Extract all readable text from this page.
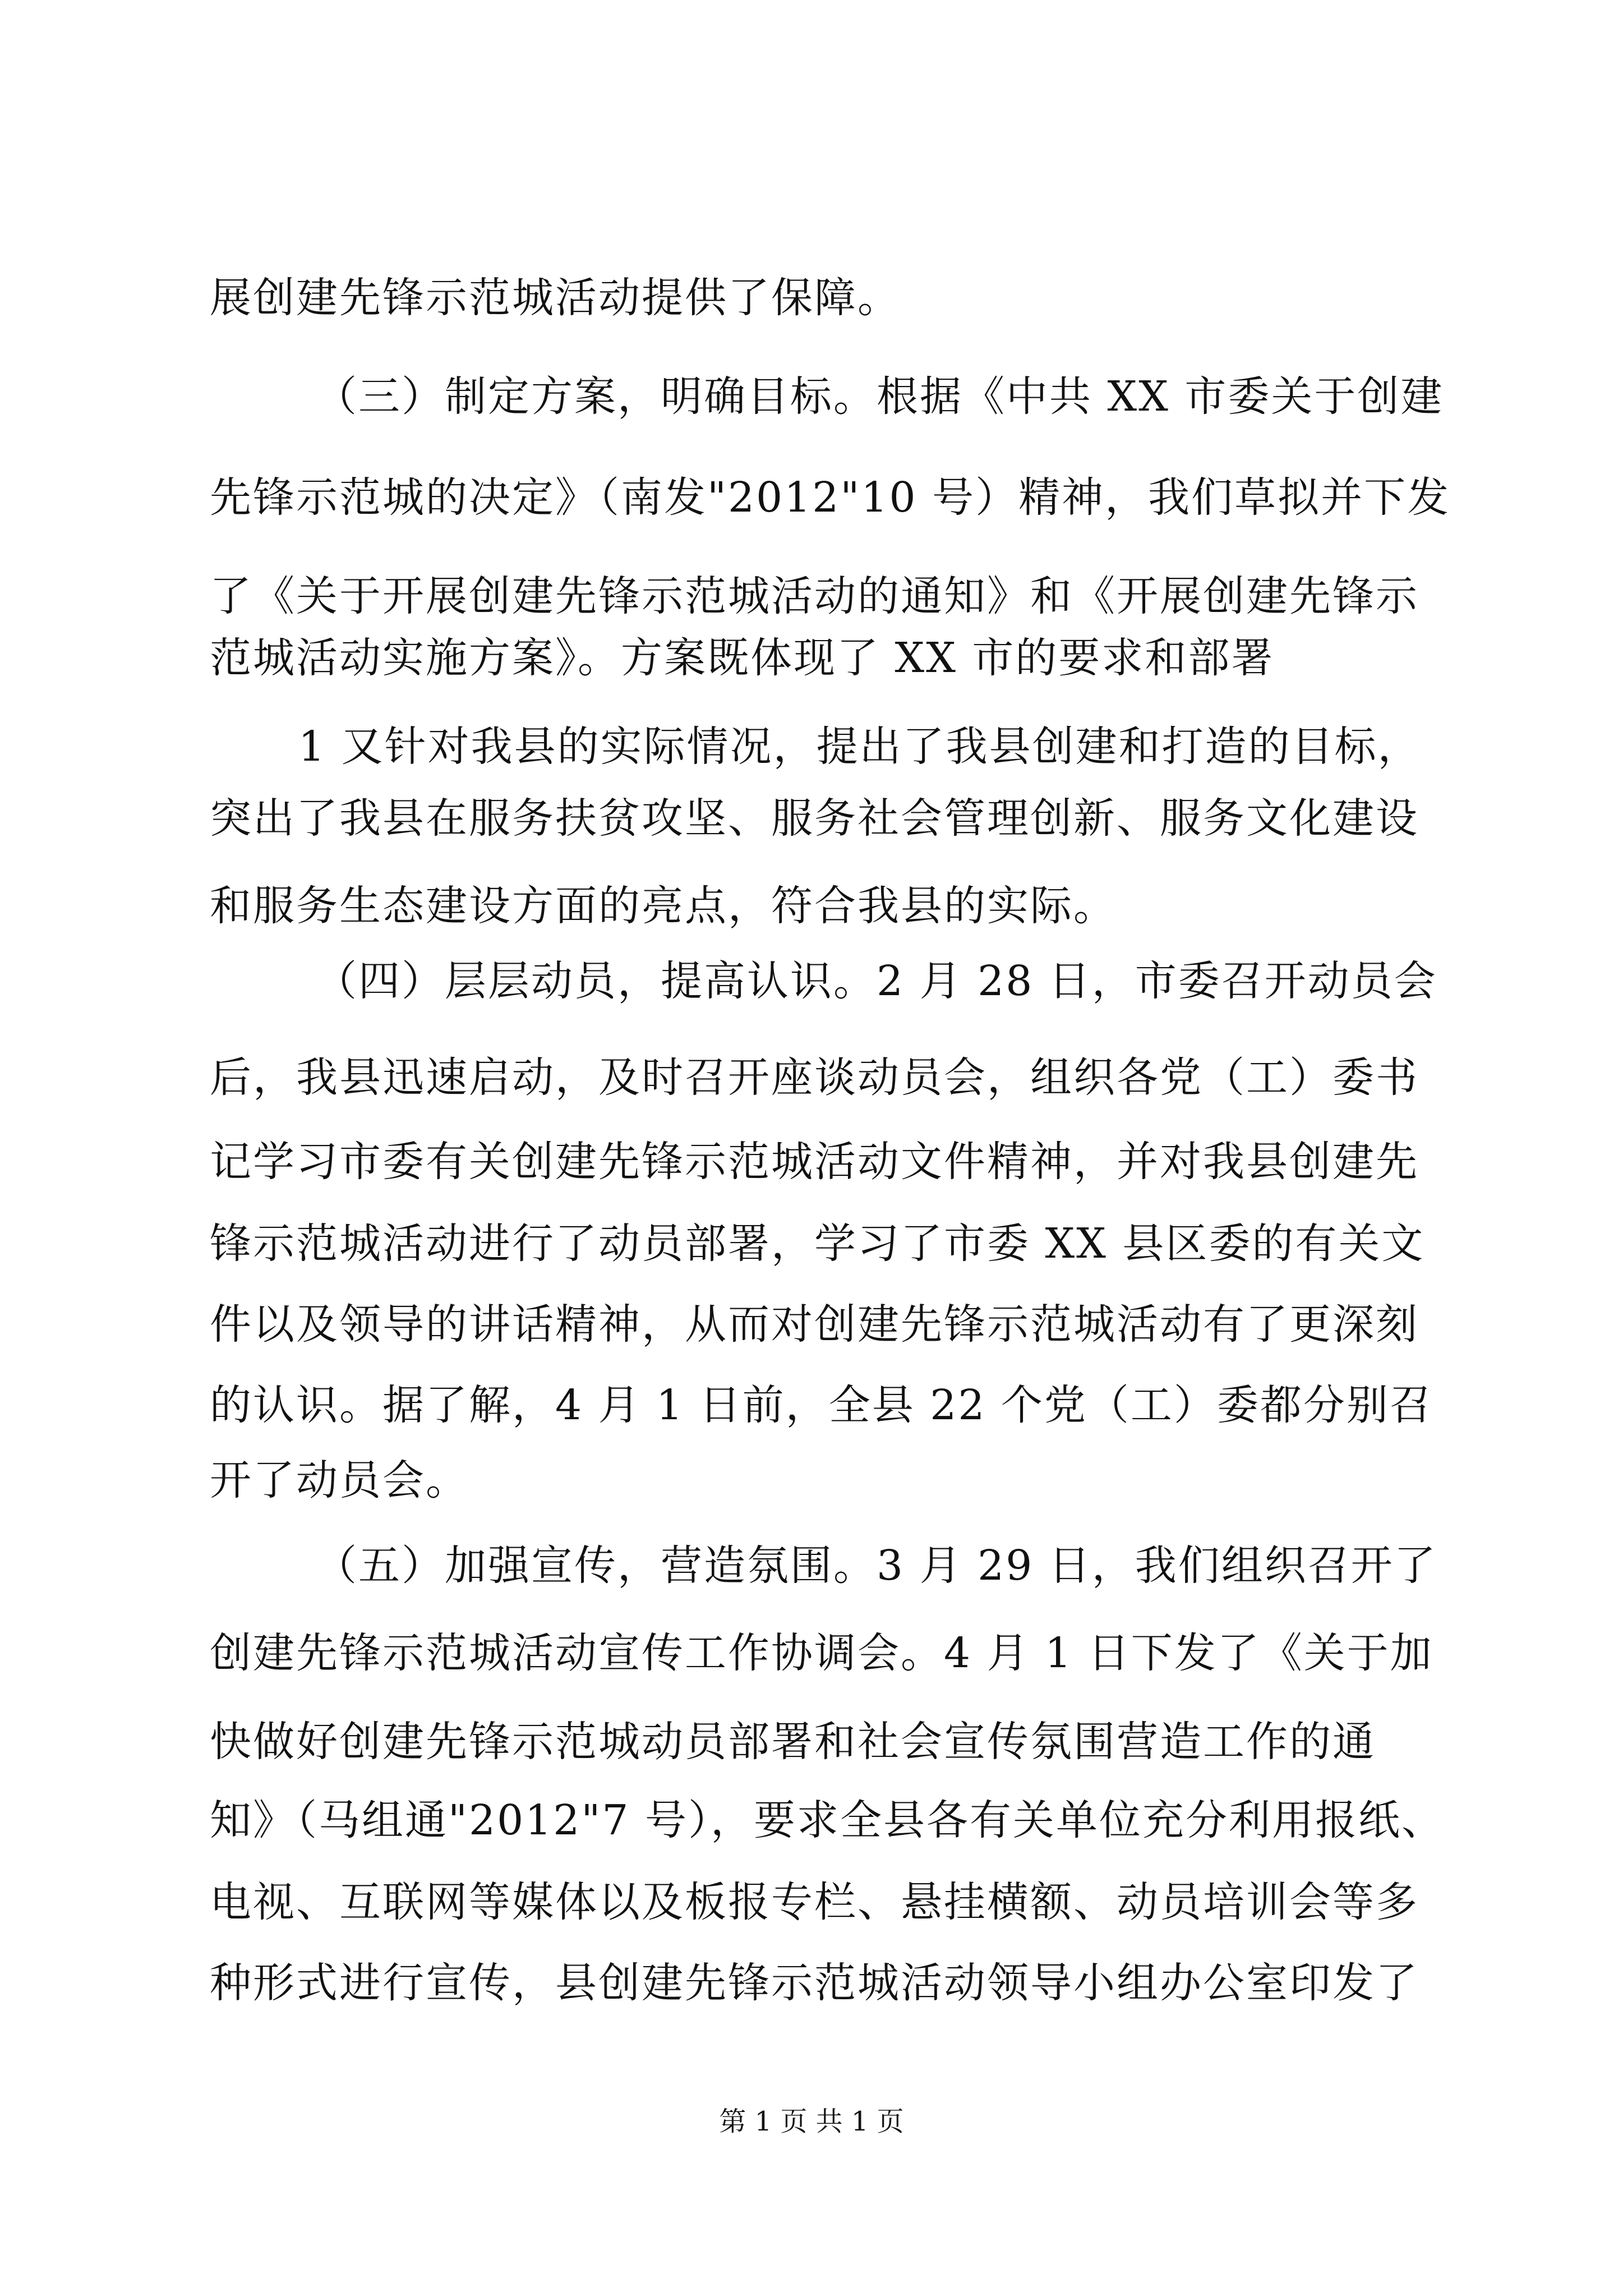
展创建先锋示范城活动提供了保障。
（三）制定方案，明确目标。根据《中共 XX 市委关于创建
先锋示范城的决定》（南发"2012"10 号）精神，我们草拟并下发
了《关于开展创建先锋示范城活动的通知》和《开展创建先锋示
范城活动实施方案》。方案既体现了 XX 市的要求和部署
1 又针对我县的实际情况，提出了我县创建和打造的目标，
突出了我县在服务扶贫攻坚、服务社会管理创新、服务文化建设
和服务生态建设方面的亮点，符合我县的实际。
（四）层层动员，提高认识。2 月 28 日，市委召开动员会
后，我县迅速启动，及时召开座谈动员会，组织各党（工）委书
记学习市委有关创建先锋示范城活动文件精神，并对我县创建先
锋示范城活动进行了动员部署，学习了市委 XX 县区委的有关文
件以及领导的讲话精神，从而对创建先锋示范城活动有了更深刻
的认识。据了解，4 月 1 日前，全县 22 个党（工）委都分别召
开了动员会。
（五）加强宣传，营造氛围。3 月 29 日，我们组织召开了
创建先锋示范城活动宣传工作协调会。4 月 1 日下发了《关于加
快做好创建先锋示范城动员部署和社会宣传氛围营造工作的通
知》（马组通"2012"7 号），要求全县各有关单位充分利用报纸、
电视、互联网等媒体以及板报专栏、悬挂横额、动员培训会等多
种形式进行宣传，县创建先锋示范城活动领导小组办公室印发了
第 1 页 共 1 页
